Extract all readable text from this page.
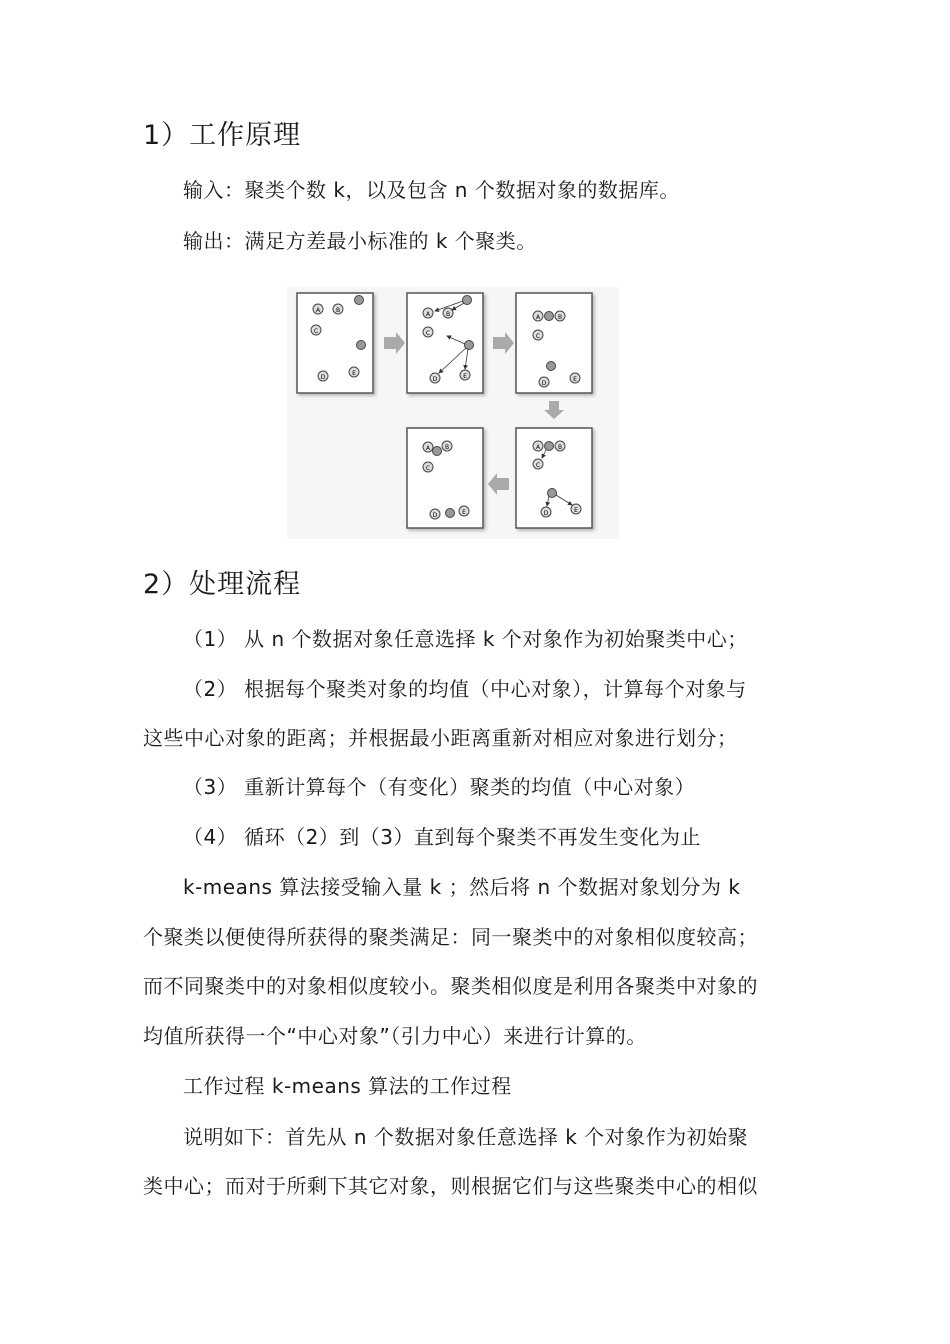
1）工作原理
输入：聚类个数 k，以及包含 n 个数据对象的数据库。
输出：满足方差最小标准的 k 个聚类。
A	B
C
D
E
A	B
C
D	E
A	B
C
D
E
A	B
C
D	E
A B
C
D	E
2）处理流程
（1） 从 n 个数据对象任意选择 k 个对象作为初始聚类中心；
（2） 根据每个聚类对象的均值（中心对象），计算每个对象与
这些中心对象的距离；并根据最小距离重新对相应对象进行划分；
（3） 重新计算每个（有变化）聚类的均值（中心对象）
（4） 循环（2）到（3）直到每个聚类不再发生变化为止
k-means 算法接受输入量 k ；然后将 n 个数据对象划分为 k
个聚类以便使得所获得的聚类满足：同一聚类中的对象相似度较高；
而不同聚类中的对象相似度较小。聚类相似度是利用各聚类中对象的
均值所获得一个“中心对象”（引力中心）来进行计算的。
工作过程 k-means 算法的工作过程
说明如下：首先从 n 个数据对象任意选择 k 个对象作为初始聚
类中心；而对于所剩下其它对象，则根据它们与这些聚类中心的相似
